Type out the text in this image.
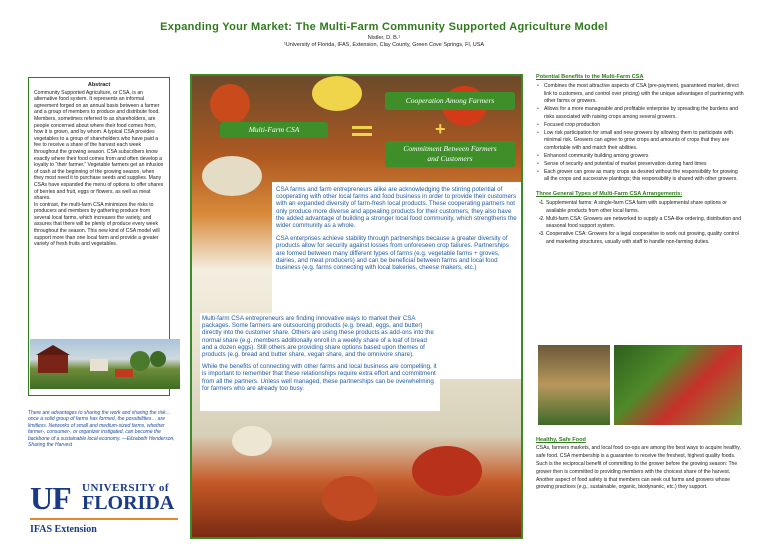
Expanding Your Market: The Multi-Farm Community Supported Agriculture Model
Nistler, D. B.¹
¹University of Florida, IFAS, Extension, Clay County, Green Cove Springs, Fl, USA
Abstract

Community Supported Agriculture, or CSA, is an alternative food system. It represents an informal agreement forged on an annual basis between a farmer and a group of members to produce and distribute food. Members, sometimes referred to as shareholders, are people concerned about where their food comes from, how it is grown, and by whom. A typical CSA provides vegetables to a group of shareholders who have paid a fee to receive a share of the harvest each week throughout the growing season. CSA subscribers know exactly where their food comes from and often develop a loyalty to “their farmer.” Vegetable farmers get an infusion of cash at the beginning of the growing season, when they most need it to purchase seeds and supplies. Many CSAs have expanded the menu of options to offer shares of berries and fruit, eggs or flowers, as well as meat shares.

In contrast, the multi-farm CSA minimizes the risks to producers and members by gathering produce from several local farms, which increases the variety, and assures that there will be plenty of produce every week throughout the season. This new kind of CSA model will support more than one local farm and provide a greater variety of fresh fruits and vegetables.

There are advantages to sharing the work and sharing the risk… once a solid group of farms has formed, the possibilities… are limitless. Networks of small and medium-sized farms, whether farmer-, consumer-, or organizer instigated, can become the backbone of a sustainable local economy. —Elizabeth Henderson, Sharing the Harvest
UF UNIVERSITY of
FLORIDA
IFAS Extension
Multi-Farm CSA
Cooperation Among Farmers
+
Commitment Between Farmers
and Customers

CSA farms and farm entrepreneurs alike are acknowledging the stirring potential of cooperating with other local farms and food business in order to provide their customers with an expanded diversity of farm-fresh local products. These cooperating partners not only produce more diverse and appealing products for their customers, they also have the added advantage of building a stronger local food community, which strengthens the wider community as a whole.

CSA enterprises achieve stability through partnerships because a greater diversity of products allow for security against losses from unforeseen crop failures. Partnerships are formed between many different types of farms (e.g. vegetable farms + groves, dairies, and meat producers) and can be beneficial between farms and local food business (e.g. farms connecting with local bakeries, cheese makers, etc.)

Multi-farm CSA entrepreneurs are finding innovative ways to market their CSA packages. Some farmers are outsourcing products (e.g. bread, eggs, and butter) directly into the customer share. Others are using these products as add-ons into the normal share (e.g. members additionally enroll in a weekly share of a loaf of bread and a dozen eggs). Still others are providing share options based upon themes of products (e.g. bread and butter share, vegan share, and the omnivore share).

While the benefits of connecting with other farms and local business are compelling, it is important to remember that these relationships require extra effort and commitment from all the partners. Unless well managed, these partnerships can be overwhelming for farmers who are already too busy.

Potential Benefits to the Multi-Farm CSA
• Combines the most attractive aspects of CSA (pre-payment, guaranteed market, direct link to customers, and control over pricing) with the unique advantages of partnering with other farms or growers.
• Allows for a more manageable and profitable enterprise by spreading the burdens and risks associated with raising crops among several growers.
• Focused crop production
• Low risk participation for small and new growers by allowing them to participate with minimal risk. Growers can agree to grow crops and amounts of crops that they are comfortable with and match their abilities.
• Enhanced community building among growers
• Sense of security and potential of market preservation during hard times
• Each grower can grow as many crops as desired without the responsibility for growing all the crops and successive plantings; this responsibility is shared with other growers.
Three General Types of Multi-Farm CSA Arrangements:
• 1. Supplemental farms: A single-farm CSA farm with supplemental share options or available products from other local farms.
• 2. Multi-farm CSA: Growers are networked to supply a CSA-like ordering, distribution and seasonal food support system.
• 3. Cooperative CSA: Growers for a legal cooperative to work out growing, quality control and marketing structures, usually with staff to handle non-farming duties.
Healthy, Safe Food
CSAs, farmers markets, and local food co-ops are among the best ways to acquire healthy, safe food. CSA membership is a guarantee to receive the freshest, highest quality foods. Such is the reciprocal benefit of committing to the grower before the growing season: The grower then is committed to providing members with the choicest share of the harvest. Another aspect of food safety is that members can seek out farms and growers whose growing practices (e.g., sustainable, organic, biodynamic, etc.) they support.
